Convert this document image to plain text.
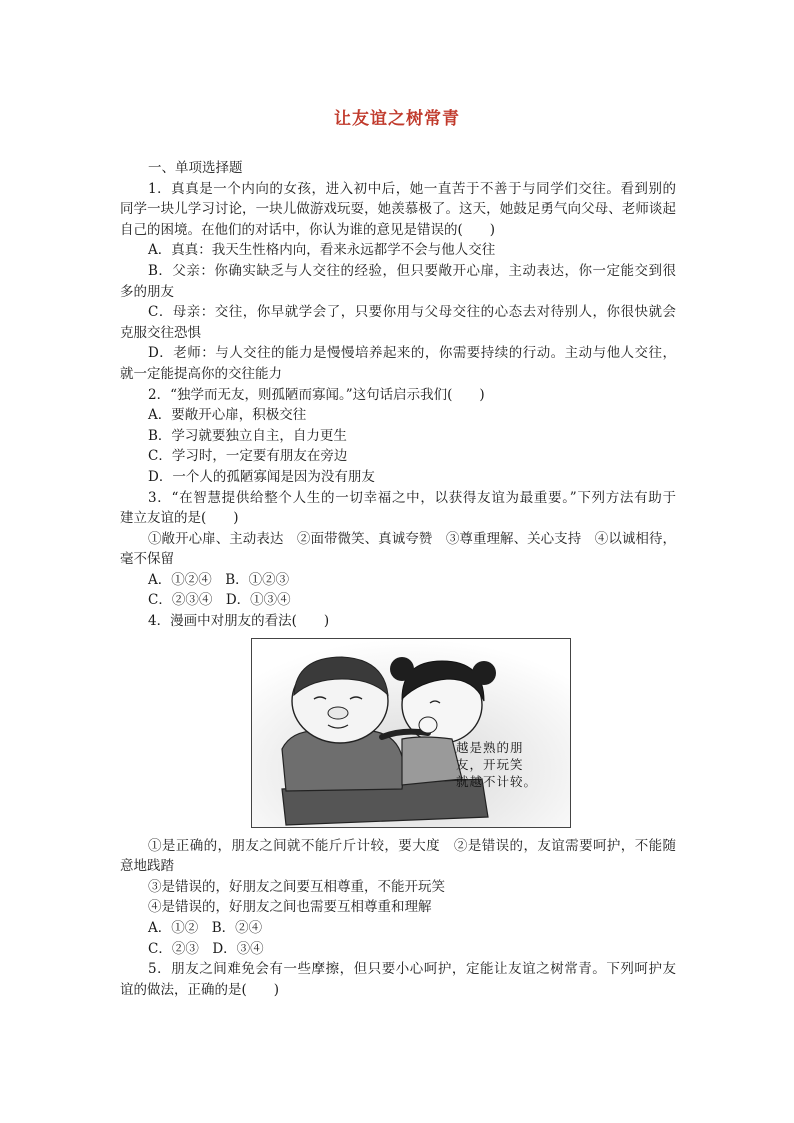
让友谊之树常青
一、单项选择题
1．真真是一个内向的女孩，进入初中后，她一直苦于不善于与同学们交往。看到别的
同学一块儿学习讨论，一块儿做游戏玩耍，她羡慕极了。这天，她鼓足勇气向父母、老师谈起
自己的困境。在他们的对话中，你认为谁的意见是错误的(　　)
A．真真：我天生性格内向，看来永远都学不会与他人交往
B．父亲：你确实缺乏与人交往的经验，但只要敞开心扉，主动表达，你一定能交到很
多的朋友
C．母亲：交往，你早就学会了，只要你用与父母交往的心态去对待别人，你很快就会
克服交往恐惧
D．老师：与人交往的能力是慢慢培养起来的，你需要持续的行动。主动与他人交往，
就一定能提高你的交往能力
2．“独学而无友，则孤陋而寡闻。”这句话启示我们(　　)
A．要敞开心扉，积极交往
B．学习就要独立自主，自力更生
C．学习时，一定要有朋友在旁边
D．一个人的孤陋寡闻是因为没有朋友
3．“在智慧提供给整个人生的一切幸福之中，以获得友谊为最重要。”下列方法有助于
建立友谊的是(　　)
①敞开心扉、主动表达　②面带微笑、真诚夸赞　③尊重理解、关心支持　④以诚相待，
毫不保留
A．①②④　B．①②③
C．②③④　D．①③④
4．漫画中对朋友的看法(　　)
越是熟的朋
友，开玩笑
就越不计较。
①是正确的，朋友之间就不能斤斤计较，要大度　②是错误的，友谊需要呵护，不能随
意地践踏
③是错误的，好朋友之间要互相尊重，不能开玩笑
④是错误的，好朋友之间也需要互相尊重和理解
A．①②　B．②④
C．②③　D．③④
5．朋友之间难免会有一些摩擦，但只要小心呵护，定能让友谊之树常青。下列呵护友
谊的做法，正确的是(　　)
